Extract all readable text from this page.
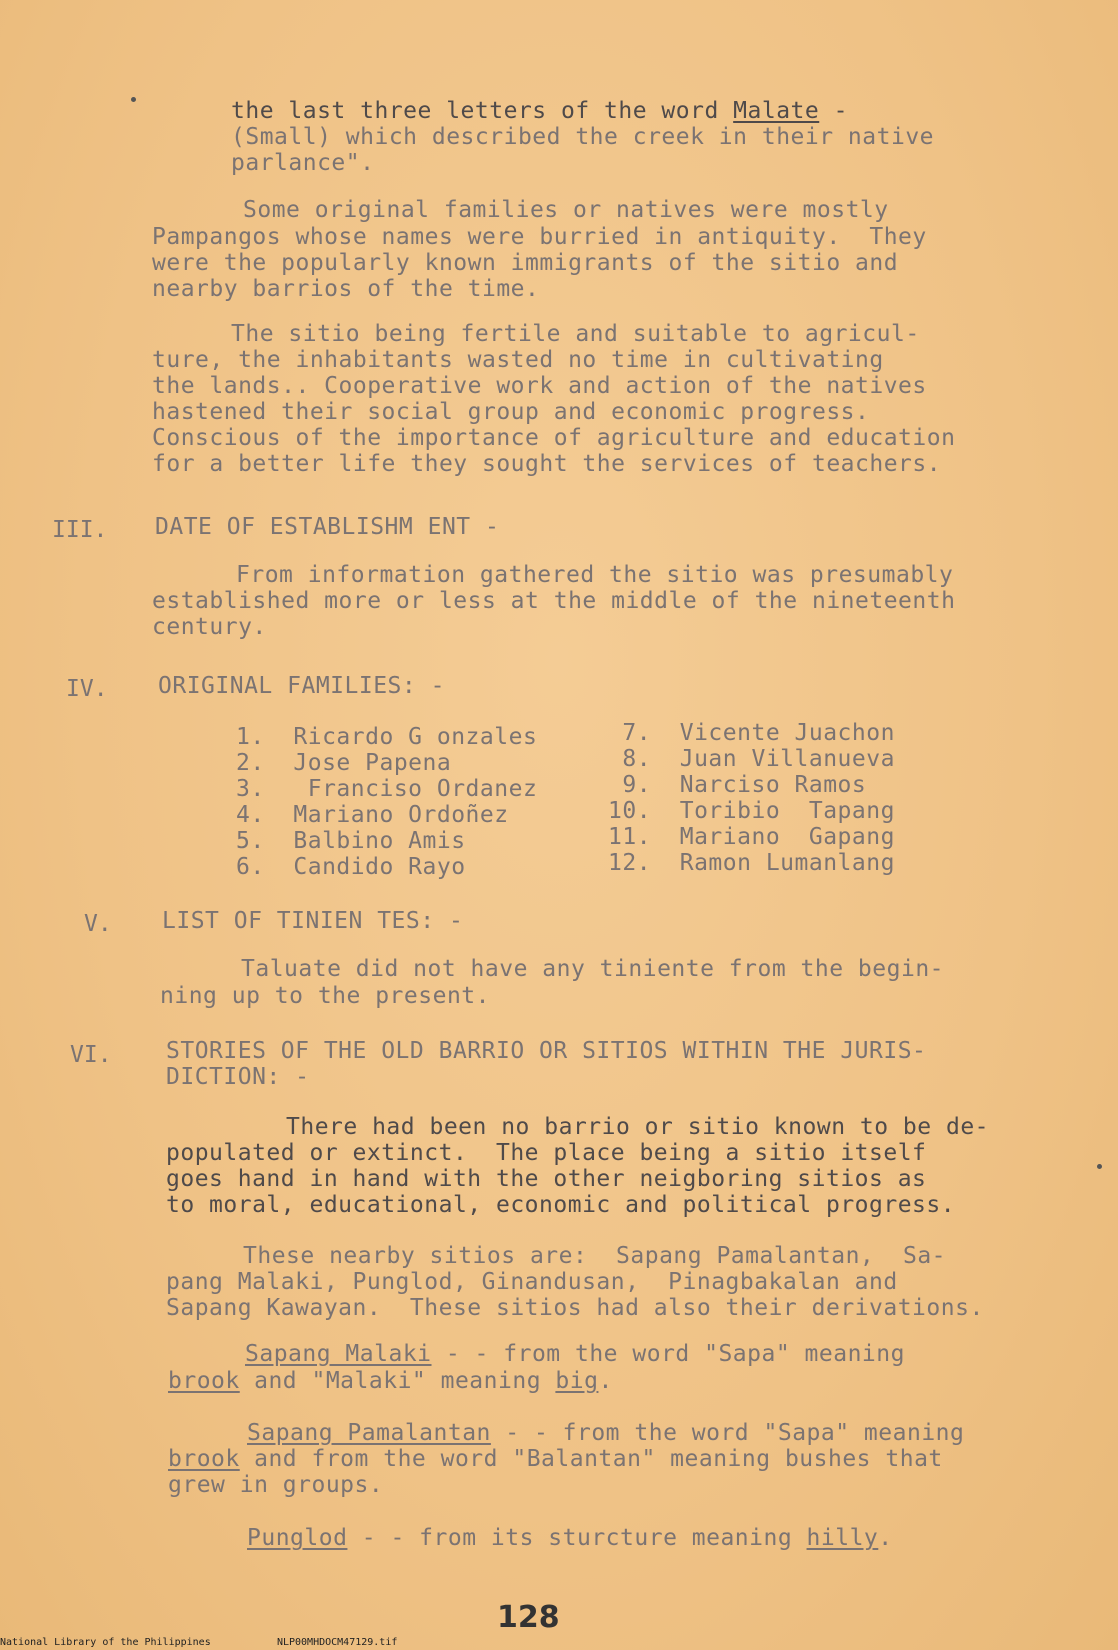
the last three letters of the word Malate -
(Small) which described the creek in their native
parlance".
Some original families or natives were mostly
Pampangos whose names were burried in antiquity.  They
were the popularly known immigrants of the sitio and
nearby barrios of the time.
The sitio being fertile and suitable to agricul-
ture, the inhabitants wasted no time in cultivating
the lands.. Cooperative work and action of the natives
hastened their social group and economic progress.
Conscious of the importance of agriculture and education
for a better life they sought the services of teachers.
III. DATE OF ESTABLISHM ENT -
From information gathered the sitio was presumably
established more or less at the middle of the nineteenth
century.
IV. ORIGINAL FAMILIES: -
1.  Ricardo G onzales
2.  Jose Papena
3.   Franciso Ordanez
4.  Mariano Ordoñez
5.  Balbino Amis
6.  Candido Rayo
7.  Vicente Juachon
8.  Juan Villanueva
9.  Narciso Ramos
10.  Toribio  Tapang
11.  Mariano  Gapang
12.  Ramon Lumanlang
V. LIST OF TINIEN TES: -
Taluate did not have any tiniente from the begin-
ning up to the present.
VI. STORIES OF THE OLD BARRIO OR SITIOS WITHIN THE JURIS-
DICTION: -
There had been no barrio or sitio known to be de-
populated or extinct.  The place being a sitio itself
goes hand in hand with the other neigboring sitios as
to moral, educational, economic and political progress.
These nearby sitios are:  Sapang Pamalantan,  Sa-
pang Malaki, Punglod, Ginandusan,  Pinagbakalan and
Sapang Kawayan.  These sitios had also their derivations.
Sapang Malaki - - from the word "Sapa" meaning
brook and "Malaki" meaning big.
Sapang Pamalantan - - from the word "Sapa" meaning
brook and from the word "Balantan" meaning bushes that
grew in groups.
Punglod - - from its sturcture meaning hilly.
128
National Library of the Philippines	NLP00MHDOCM47129.tif
